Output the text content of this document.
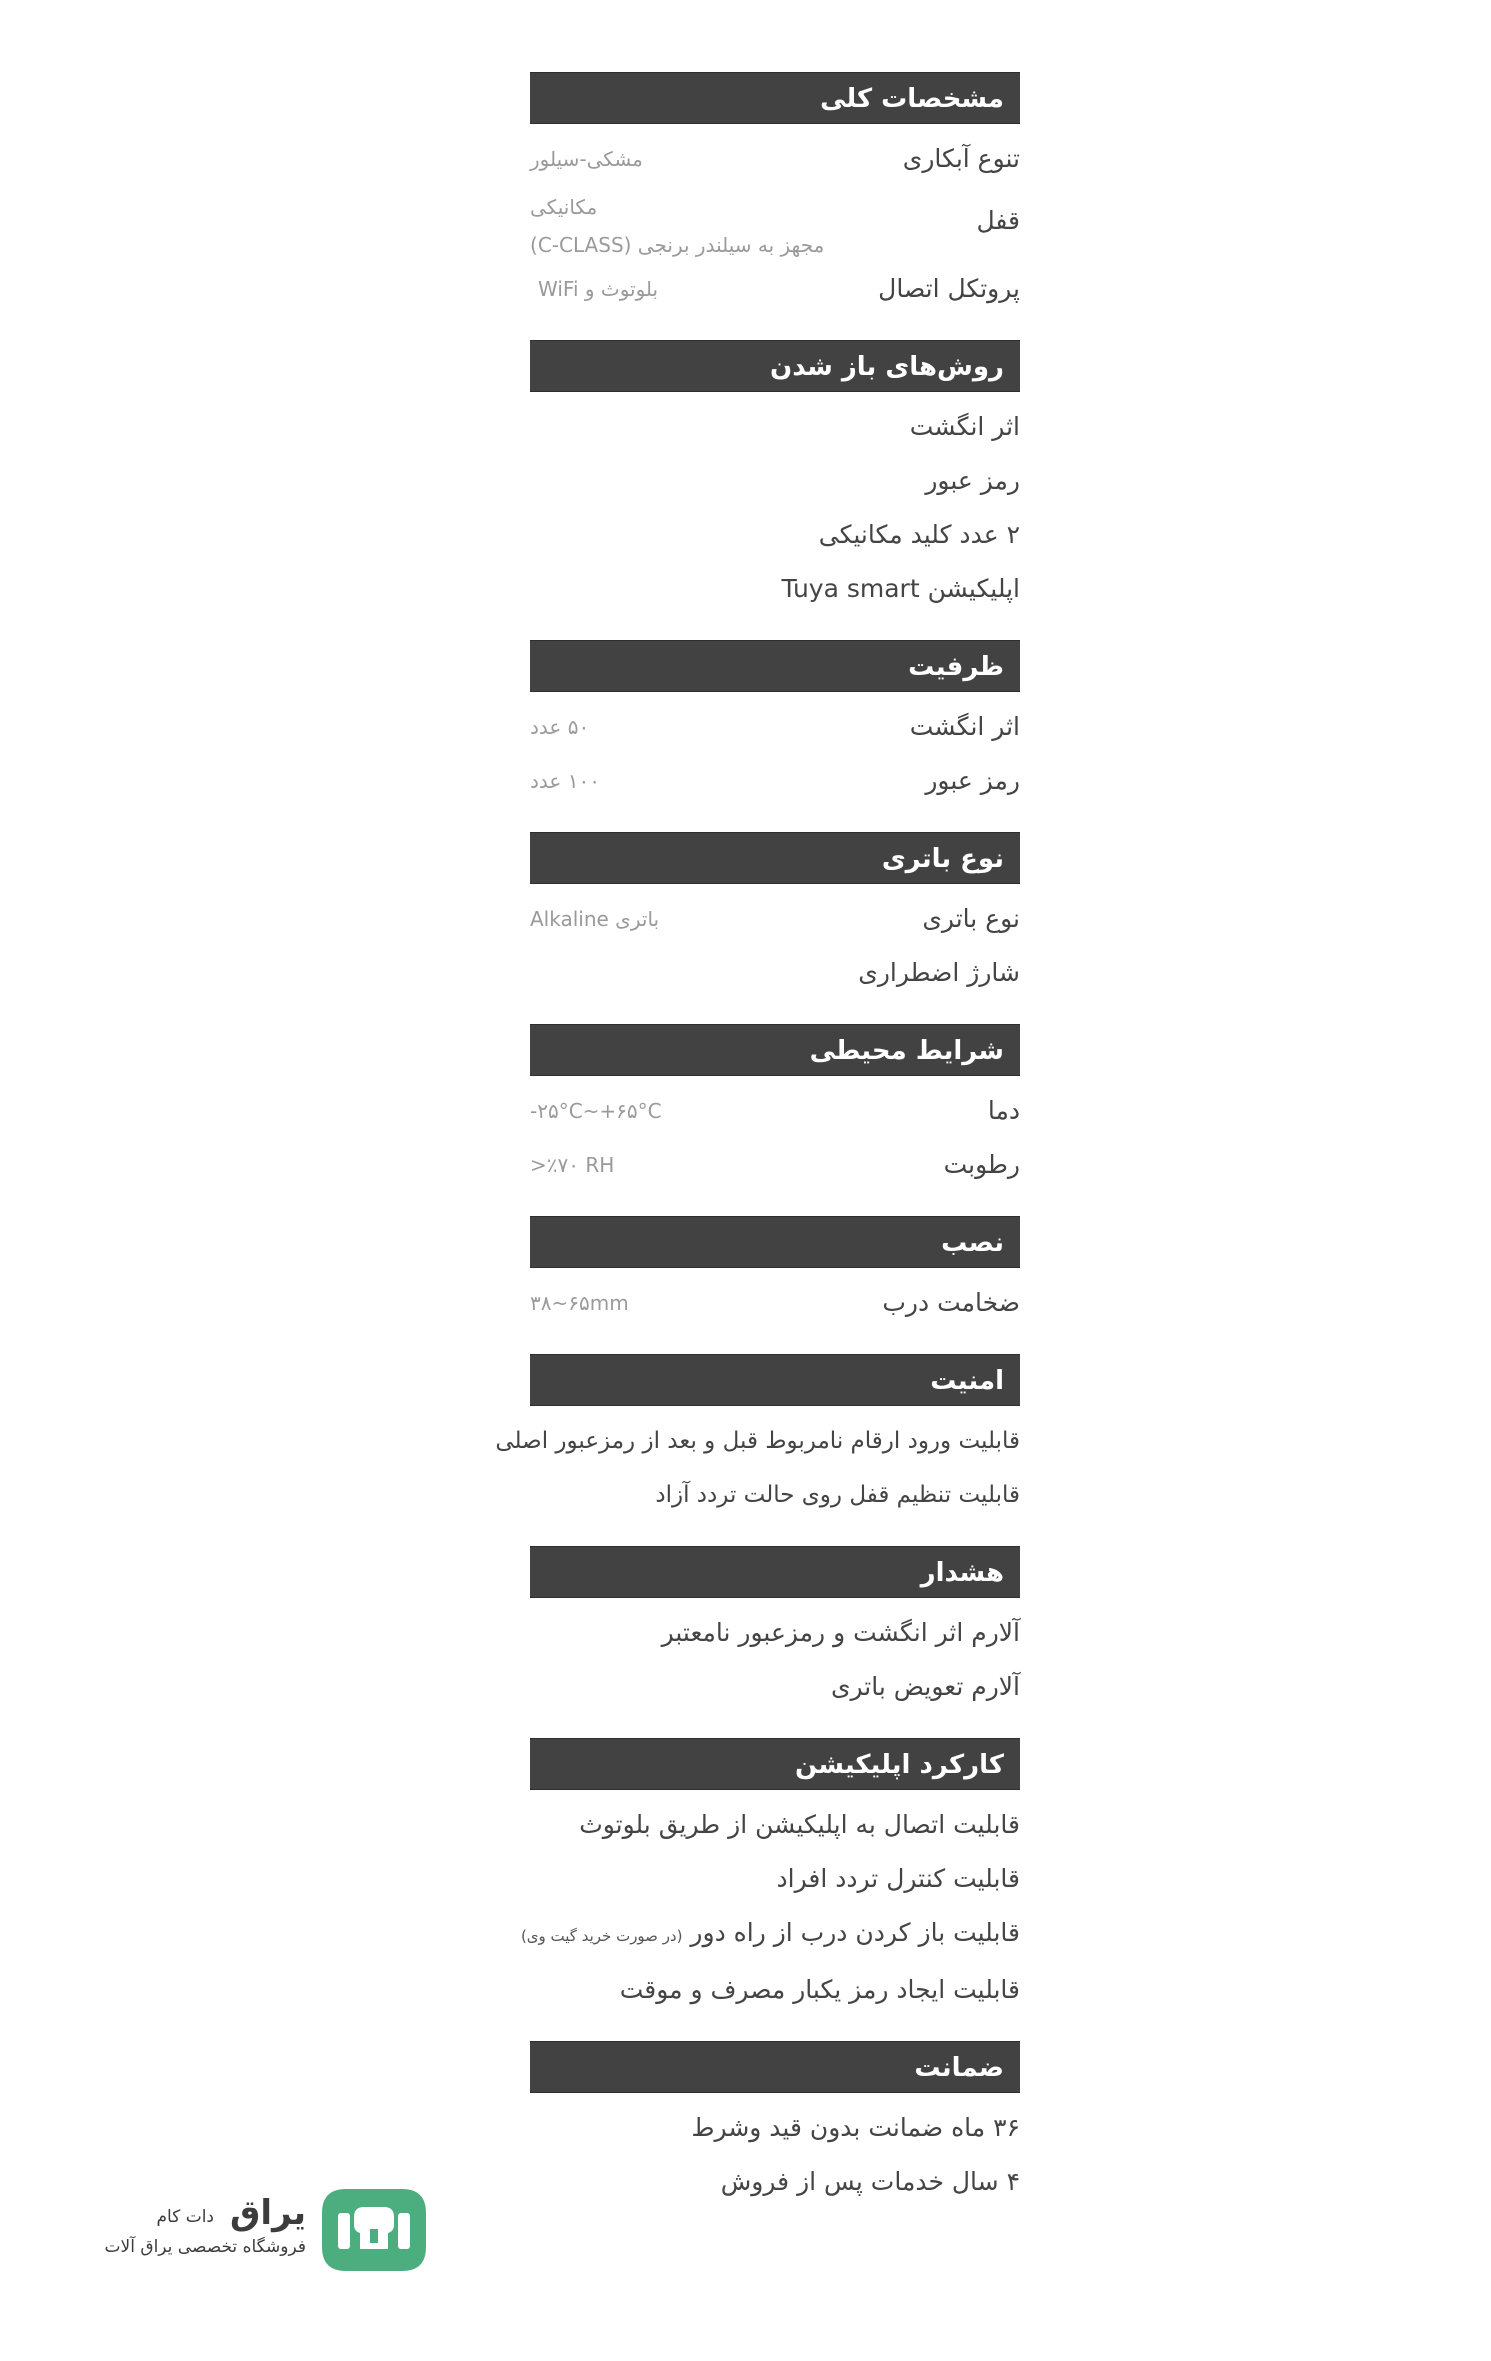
مشخصات کلی
تنوع آبکاری
مشکی-سیلور
قفل
مکانیکی
مجهز به سیلندر برنجی (C-CLASS)
پروتکل اتصال
بلوتوث و WiFi
روش‌های باز شدن
اثر انگشت
رمز عبور
۲ عدد کلید مکانیکی
اپلیکیشن Tuya smart
ظرفیت
اثر انگشت
۵۰ عدد
رمز عبور
۱۰۰ عدد
نوع باتری
نوع باتری
باتری Alkaline
شارژ اضطراری
شرایط محیطی
دما
-۲۵°C~+۶۵°C
رطوبت
>٪۷۰ RH
نصب
ضخامت درب
۳۸~۶۵mm
امنیت
قابلیت ورود ارقام نامربوط قبل و بعد از رمزعبور اصلی
قابلیت تنظیم قفل روی حالت تردد آزاد
هشدار
آلارم اثر انگشت و رمزعبور نامعتبر
آلارم تعویض باتری
کارکرد اپلیکیشن
قابلیت اتصال به اپلیکیشن از طریق بلوتوث
قابلیت کنترل تردد افراد
قابلیت باز کردن درب از راه دور (در صورت خرید گیت وی)
قابلیت ایجاد رمز یکبار مصرف و موقت
ضمانت
۳۶ ماه ضمانت بدون قید وشرط
۴ سال خدمات پس از فروش
یراق
دات کام
فروشگاه تخصصی یراق آلات
